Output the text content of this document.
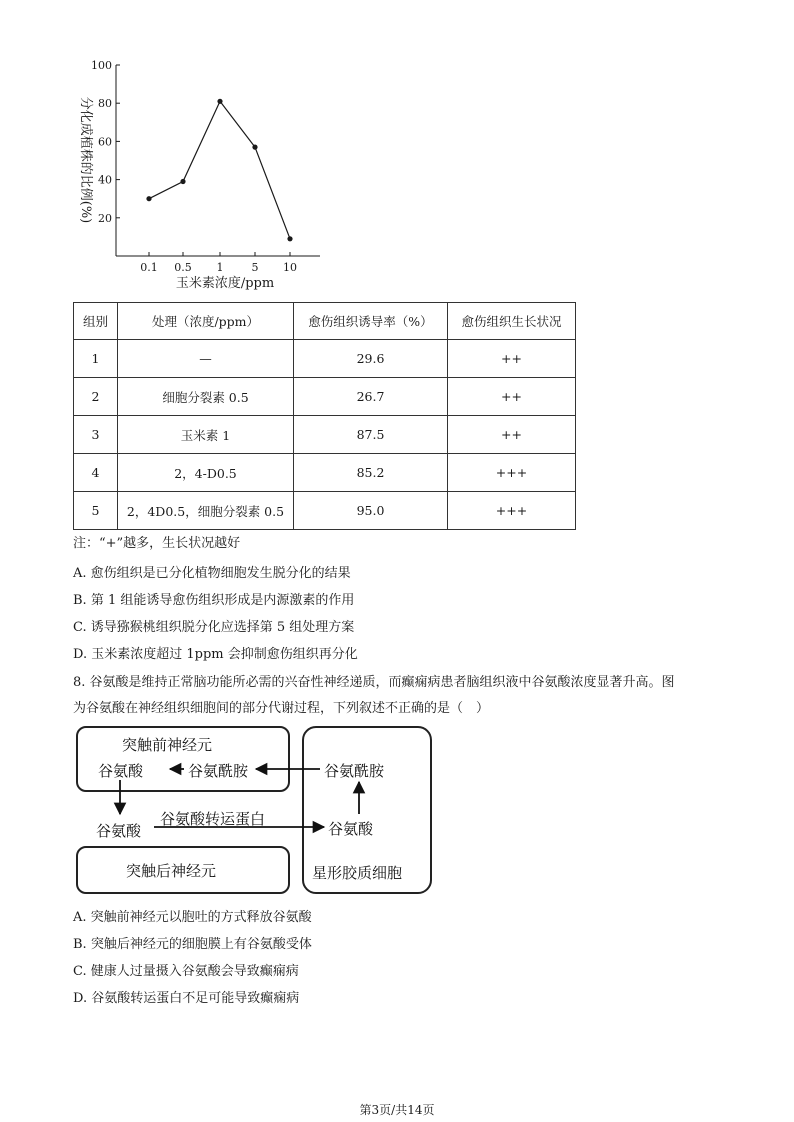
20
40
60
80
100
0.1 0.5 1	5 10
玉米素浓度/ppm
分化成植株的比例(%)
组别	处理（浓度/ppm）	愈伤组织诱导率（%）	愈伤组织生长状况
1	—	29.6	++
2	细胞分裂素 0.5	26.7	++
3	玉米素 1	87.5	++
4	2，4-D0.5	85.2	+++
5	2，4D0.5，细胞分裂素 0.5	95.0	+++
注：“+”越多，生长状况越好
A. 愈伤组织是已分化植物细胞发生脱分化的结果
B. 第 1 组能诱导愈伤组织形成是内源激素的作用
C. 诱导猕猴桃组织脱分化应选择第 5 组处理方案
D. 玉米素浓度超过 1ppm 会抑制愈伤组织再分化
8. 谷氨酸是维持正常脑功能所必需的兴奋性神经递质，而癫痫病患者脑组织液中谷氨酸浓度显著升高。图
为谷氨酸在神经组织细胞间的部分代谢过程，下列叙述不正确的是（　）
突触前神经元
谷氨酸	谷氨酰胺	谷氨酰胺
谷氨酸
星形胶质细胞
谷氨酸
谷氨酸转运蛋白
突触后神经元
A. 突触前神经元以胞吐的方式释放谷氨酸
B. 突触后神经元的细胞膜上有谷氨酸受体
C. 健康人过量摄入谷氨酸会导致癫痫病
D. 谷氨酸转运蛋白不足可能导致癫痫病
第3页/共14页
